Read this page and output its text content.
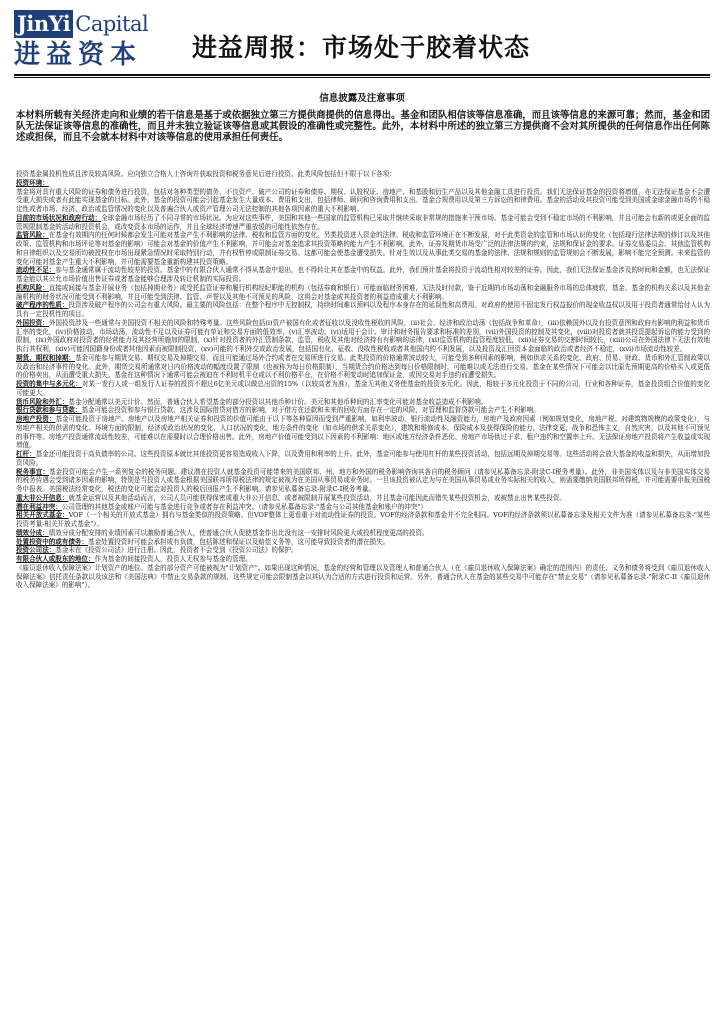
JinYi Capital
进益资本	进益周报：市场处于胶着状态
信息披露及注意事项
本材料所载有关经济走向和业绩的若干信息是基于或依据独立第三方提供商提供的信息得出。基金和团队相信该等信息准确，而且该等信息的来源可靠；然而，基金和团队无法保证该等信息的准确性，而且并未独立验证该等信息或其假设的准确性或完整性。此外，本材料中所述的独立第三方提供商不会对其所提供的任何信息作出任何陈述或担保，而且不会就本材料中对该等信息的使用承担任何责任。

投资基金属投机性质且涉及较高风险。应向独立合格人士咨询并获取投资和税务意见后进行投资。此类风险包括但不限于以下各项：

投资环境：

基金将对具有重大风险的证券和债务进行投资，包括对各种类型的债务、不良资产、破产公司的证券和债券、期权、认股权证、房地产、和基股和衍生产品以及其他金融工具进行投资。我们无法保证基金的投资将增值，亦无法保证基金不会遭受重大损失或者有此能实现基金的目标。此外，基金的投资可能会引起基金发生大量成本、费用和支出，包括律师、顾问和咨询费用和支出。基金合规费用以及第三方诉讼的和律费用。基金的活动及其投资可能受到美国或金球金融市场的不稳定性或者市场、经济、政治或监管情况的变化以及普遍合伙人或资产管理公司无法控制的其他各项因素的重大不利影响。

目前的市场状况和政府行动：全球金融市场经历了不同寻常的市场状况。为应对这些事件，美国和其他一些国家的监管机构已采取并继续采取非常规的措施来干预市场。基金可能会受到不稳定市场的不利影响，并且可能会有新的或更全面的监管规限制基金的活动和投资机会，或改变资本市场的运作，并且全球经济增速严重放缓的可能性依然存在。

监管风险：在基金有效期内的任何时候都会发生可能对基金产生不利影响的法律、税收和监管方面的变化。另类投资进入资金的法律、税收和监管环境正在不断发展，对于此类资金的监管和市场认识的变化（包括现行法律法规的修订以及其他政策、监管机构和市场评论等对基金的影响）可能会对基金的价值产生不利影响，并可能会对基金追求其投资策略的能力产生不利影响。此外，证券及期货市场受广泛的法律法规的约束，法规和保证金的要求。证券交易委员会、其他监管机构和自律组织以及交易所均被授权在市场出现紧急情况时采取特别行动，并有权暂停或限制证券交易。这都可能会使基金遭受损失。针对生效以及从事此类交易的基金的法律、法规和规则的监管规则会不断发展，影响不能完全预测。未来监管的变化可能对基金产生重大不利影响，并可能需要基金重新构建其投资策略。

流动性不足：参与基金通常属于流动性较差的投资。基金中的有限合伙人通常不得从基金中退出，也不得转让其在基金中的权益。此外，我们预计基金将投资于流动性相对较差的证券。因此，我们无法保证基金涉及的时间和金额，也无法保证基金能以其公允市场价值出售证券或者基金能够合理涉及转让机制的实际投资。

机构风险：直接或间接与基金开展业务（包括掉期业务）或受托监管证券和履行机构经纪职能的机构（包括券商和银行）可能面临财务困难，无法及时付款，鉴于近期的市场动荡和金融服务市场的总体疲软，基金、基金的机构关系以及其他金融机构的财务状况可能受到不利影响，并且可能受到法律、监管、声誉以及其他不可预见的风险，这将会对基金或其投资者的利益造成重大不利影响。

破产程序的性质：投资涉及破产程序的公司会有重大风险。最主要的风险包括：在整个程序中无控制权，持续时间难以预料以及程序本身存在的延误性和高费用。对政府的使用不固定发行权益报价的现金收益权以及用于投资者通常给付人认为具有一定投机性的项目。

外国投资：外国投资涉及一些通常与美国投资不相关的风险和特殊考量。这些风险包括(i)资产被国有化或者征收以及没收性税收的风险，(ii)社会、经济和政治动荡（包括战争和革命），(iii)依赖国外以及有投资意图和政府有影响的利益和货币汇率的变化，(iv)价格波动，市场动荡，流动性不足以及证券可能有单证和交易方面的低效率，(v)汇率波动，(vi)适用于会计、审计和财务报告要求和标准的差别，(vii)外国投资的控制及其变化，(viii)对投资者就其投资提起诉讼的能力受到的限制，(ix)外国政府对投资者的经营能力及其经营所施加的限制，(x)针对投资者的外汇管制条款、监管，税收及其他对经济持有有影响的法律，(xi)监管机构的监管程度较低，(xii)证券交易的交割时间较长，(xiii)公司在外国法律下无法有效地执行其权利，(xiv)可能因国籍身份或者其他因素而被限制投资，(xv)可能的不利外交或政治发展，包括国有化、征收、没收性税收或者其他国内的不利发展，以及投资及汇回资本金面临的政治或者经济不稳定，(xvi)市场流动性较差。

期货、期权和掉期：基金可能参与期货交易、期权交易及掉期交易，而且可能通过场外合约或者在交易所进行交易。此类投资的价格通常波动较大，可能受到多种因素的影响，例如供求关系的变化、政府、贸易、财政、货币和外汇管制政策以及政治和经济事件的变化。此外，期货交易所通常对日内价格波动的幅度设置了限制（也被称为每日价格限制），当期货合约价格达到每日价格限制时，可能难以或无法进行交易。基金在某些情况下可能会以比原先预期更高的价格买入或更低的价格卖出，从而遭受重大损失。基金在这种情况下通常可能会被迫在不利时机平仓或以不利价格平仓，在价格不利变动时追加保证金，或因交易对手违约而遭受损失。

投资的集中与多元化：对某一发行人或一组发行人证券的投资不超过6亿美元或以做总出资的15%（以较高者为准），基金无其他义务使基金的投资多元化。因此，相较于多元化投资于不同的公司、行业和各种证券，基金投资组合价值的变化可能更大。

货币风险和外汇：基金分配通常以美元计价。然而，普通合伙人希望基金的部分投资以其他币种计价。美元和其他币种间的汇率变化可能对基金收益造成不利影响。

银行贷款和参与贷款：基金可能会投资和参与银行贷款，这涉及国际借贷对借方的影响，对于借方在还款和未来的回收方面存在一定的风险，对管理和监督贷款可能会产生不利影响。

房地产投资：基金可能投资于房地产。房地产以及房地产相关证券和投资的价值可能由于以下等各种原因而受到严重影响，如利率波动，银行流动性及融资能力，房地产及政府因素（例如规划变化，房地产税、对建筑物规模的政策变化），与房地产相关的供需的变化、环境方面的限制，经济或政治状况的变化，人口状况的变化，地方条件的变化（如市场的供求关系变化），建筑和维修成本，保险成本及获得保险的能力，法律变更，战争和恐怖主义，自然灾害，以及其他不可预见的事件等。房地产投资通常流动性较差，可能难以在需要时以合理价格出售。此外，房地产价值可能受到以下因素的不利影响：地区或地方经济条件恶化、房地产市场供过于求、租户违约和空置率上升。无法保证房地产投资将产生收益或实现增值。

杠杆：基金还可能投资于高负债率的公司。这些投资原本就比其他投资更容易造成收入下降，以及费用和利率的上升。此外，基金可能参与使用杠杆的某些投资活动，包括远期及掉期交易等。这些活动将会放大基金的收益和损失，从而增加投资风险。

税务事宜：基金投资可能会产生一系列复杂的税务问题。建议潜在投资人就基金投资可能带来的美国联邦、州、地方和外国的税务影响咨询其各自的税务顾问（请参见私募备忘录-附录C-I税务考量）。此外，非美国实体以及与非美国实体交易的税务待遇会受到诸多因素的影响，特别是当投资人或基金根据美国联邦所得税法律的规定被视为在美国从事贸易或业务时。一旦该投资被认定为与在美国从事贸易或业务实际相关的收入，则需要缴纳美国联邦所得税，并可能需要申报美国税务申报表。美国税法经常变化，税法的变化可能会对投资人的税后回报产生不利影响。请参见私募备忘录-附录C-I税务考量。

重大非公开信息：就基金运营以及其他活动而言，公司人员可能获得保密或重大非公开信息，或者被限制开展某些投资活动，并且基金可能因此而错失某些投资机会，或被禁止出售某些投资。

潜在利益冲突：公司管理的其他基金或账户可能与基金进行竞争或者存在利益冲突。（请参见私募备忘录-"基金与公司其他基金和账户的冲突"）

相关开放式基金：VOF（一个相关的开放式基金）拥有与基金类似的投资策略。但VOF整体上更看重于对流动性证券的投资。VOF的经济条款和基金并不完全相同。VOF的经济条款须以私募备忘录及相关文件为准（请参见私募备忘录-"某些投资考量-相关开放式基金"）。

绩效分成：绩效分成分配安排的业绩因素可以激励普通合伙人，使普通合伙人促使基金作出比没有这一安排时风险更大或投机程度更高的投资。

处置投资中的或有债务：基金处置投资时可能会承担或有负债，包括陈述和保证以及赔偿义务等，这可能导致投资者的潜在损失。

投资公司法：基金未在《投资公司法》进行注册。因此，投资者不会受到《投资公司法》的保护。

有限合伙人或股东的地位：作为基金的间接投资人，投资人无权参与基金的管理。

《雇员退休收入保障法案》计划资产的地位。基金的部分资产可能被视为"计划资产"。如果出现这种情况，基金的经营和管理以及管理人和普通合伙人（在《雇员退休收入保障法案》确定的范围内）的责任、义务和债务将受到《雇员退休收入保障法案》信托责任条款以及该法和《美国法典》中禁止交易条款的规制，这些规定可能会限制基金以其认为合适的方式进行投资和运营。另外，普通合伙人在基金的某些交易中可能存在"禁止交易"（请参见私募备忘录-"附录C-II《雇员退休收入保障法案》的影响"）。
